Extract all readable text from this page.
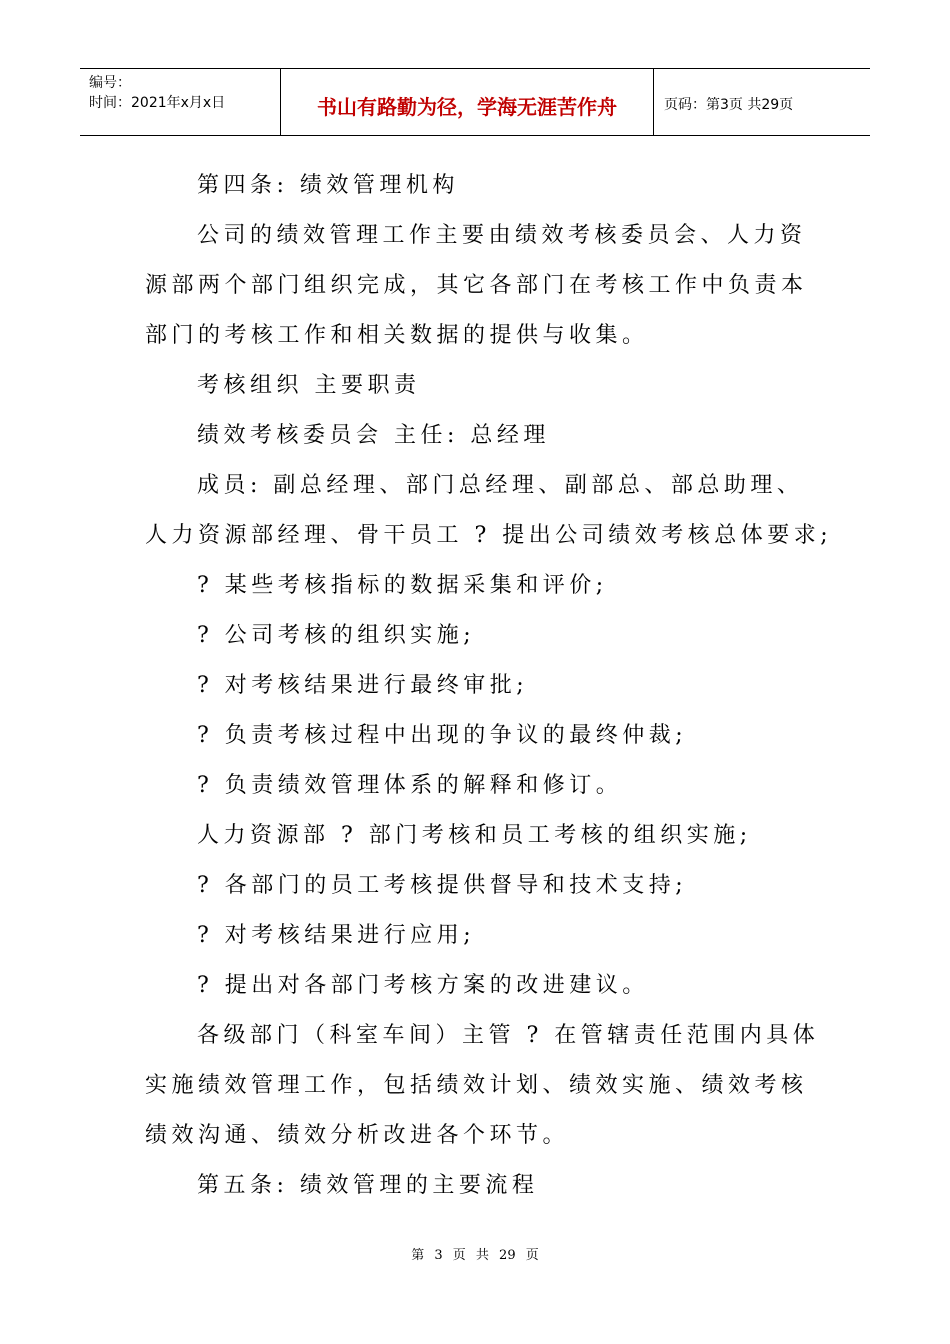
编号：
时间：2021年x月x日	书山有路勤为径，学海无涯苦作舟	页码：第3页 共29页

第四条: 绩效管理机构

公司的绩效管理工作主要由绩效考核委员会、人力资

源部两个部门组织完成，其它各部门在考核工作中负责本

部门的考核工作和相关数据的提供与收集。

考核组织 主要职责

绩效考核委员会 主任: 总经理

成员: 副总经理、部门总经理、副部总、部总助理、

人力资源部经理、骨干员工 ? 提出公司绩效考核总体要求;

? 某些考核指标的数据采集和评价;

? 公司考核的组织实施;

? 对考核结果进行最终审批;

? 负责考核过程中出现的争议的最终仲裁;

? 负责绩效管理体系的解释和修订。

人力资源部 ? 部门考核和员工考核的组织实施;

? 各部门的员工考核提供督导和技术支持;

? 对考核结果进行应用;

? 提出对各部门考核方案的改进建议。

各级部门（科室车间）主管 ? 在管辖责任范围内具体

实施绩效管理工作，包括绩效计划、绩效实施、绩效考核

绩效沟通、绩效分析改进各个环节。

第五条: 绩效管理的主要流程

第 3 页 共 29 页
